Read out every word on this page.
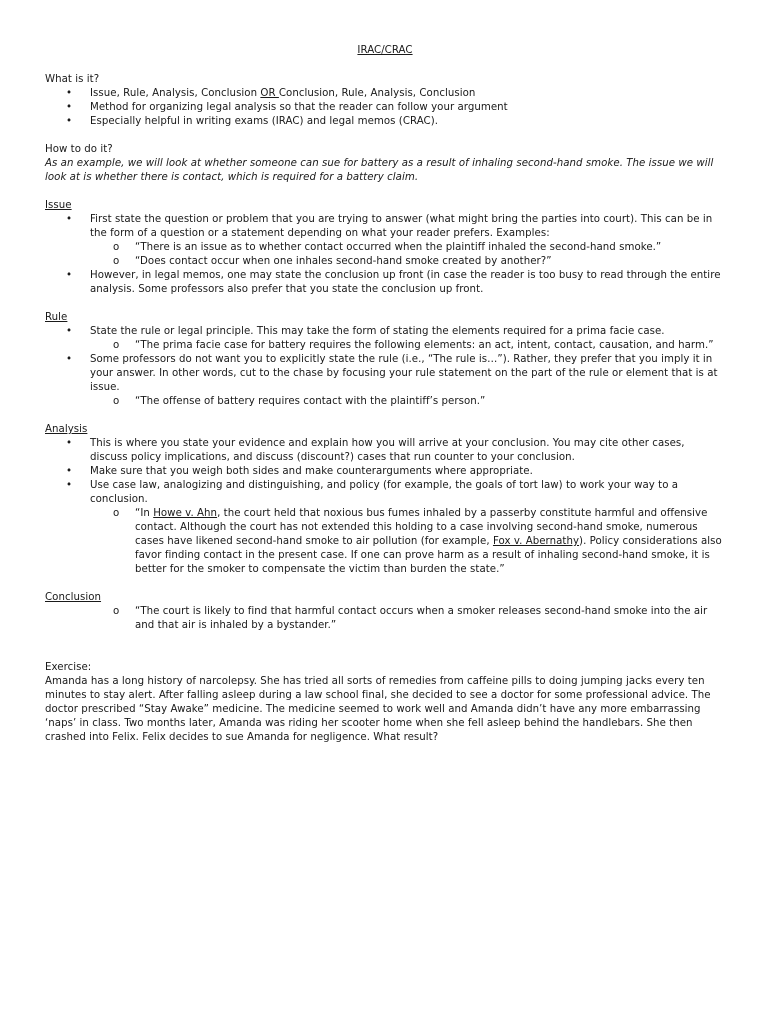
IRAC/CRAC

What is it?

• Issue, Rule, Analysis, Conclusion OR Conclusion, Rule, Analysis, Conclusion
• Method for organizing legal analysis so that the reader can follow your argument
• Especially helpful in writing exams (IRAC) and legal memos (CRAC).

How to do it?

As an example, we will look at whether someone can sue for battery as a result of inhaling second-hand smoke. The issue we will look at is whether there is contact, which is required for a battery claim.

Issue

• First state the question or problem that you are trying to answer (what might bring the parties into court). This can be in the form of a question or a statement depending on what your reader prefers. Examples:
o “There is an issue as to whether contact occurred when the plaintiff inhaled the second-hand smoke.”
o “Does contact occur when one inhales second-hand smoke created by another?”
• However, in legal memos, one may state the conclusion up front (in case the reader is too busy to read through the entire analysis. Some professors also prefer that you state the conclusion up front.

Rule

• State the rule or legal principle. This may take the form of stating the elements required for a prima facie case.
o “The prima facie case for battery requires the following elements: an act, intent, contact, causation, and harm.”
• Some professors do not want you to explicitly state the rule (i.e., “The rule is…”). Rather, they prefer that you imply it in your answer. In other words, cut to the chase by focusing your rule statement on the part of the rule or element that is at issue.
o “The offense of battery requires contact with the plaintiff’s person.”

Analysis

• This is where you state your evidence and explain how you will arrive at your conclusion. You may cite other cases, discuss policy implications, and discuss (discount?) cases that run counter to your conclusion.
• Make sure that you weigh both sides and make counterarguments where appropriate.
• Use case law, analogizing and distinguishing, and policy (for example, the goals of tort law) to work your way to a conclusion.
o “In Howe v. Ahn, the court held that noxious bus fumes inhaled by a passerby constitute harmful and offensive contact. Although the court has not extended this holding to a case involving second-hand smoke, numerous cases have likened second-hand smoke to air pollution (for example, Fox v. Abernathy). Policy considerations also favor finding contact in the present case. If one can prove harm as a result of inhaling second-hand smoke, it is better for the smoker to compensate the victim than burden the state.”

Conclusion

o “The court is likely to find that harmful contact occurs when a smoker releases second-hand smoke into the air and that air is inhaled by a bystander.”

Exercise:

Amanda has a long history of narcolepsy. She has tried all sorts of remedies from caffeine pills to doing jumping jacks every ten minutes to stay alert. After falling asleep during a law school final, she decided to see a doctor for some professional advice. The doctor prescribed “Stay Awake” medicine. The medicine seemed to work well and Amanda didn’t have any more embarrassing ‘naps’ in class. Two months later, Amanda was riding her scooter home when she fell asleep behind the handlebars. She then crashed into Felix. Felix decides to sue Amanda for negligence. What result?
